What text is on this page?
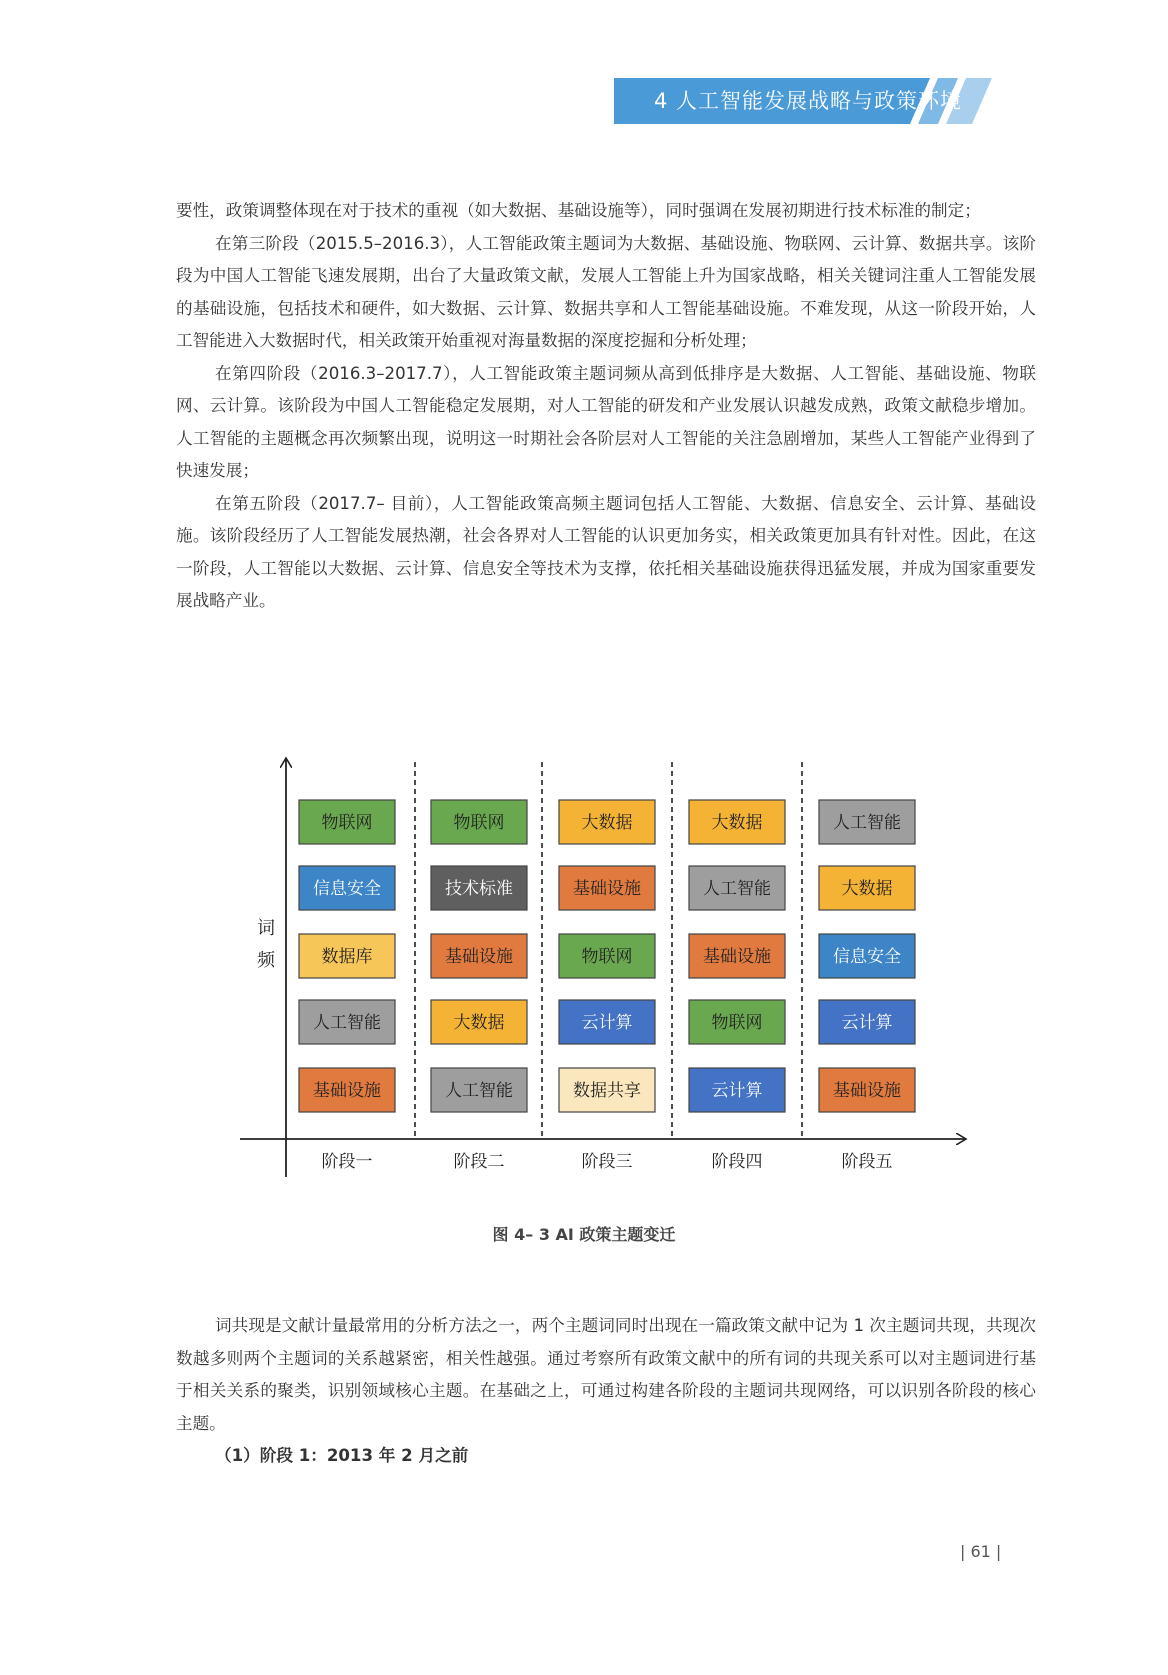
4 人工智能发展战略与政策环境

要性，政策调整体现在对于技术的重视（如大数据、基础设施等），同时强调在发展初期进行技术标准的制定；

在第三阶段（2015.5–2016.3），人工智能政策主题词为大数据、基础设施、物联网、云计算、数据共享。该阶段为中国人工智能飞速发展期，出台了大量政策文献，发展人工智能上升为国家战略，相关关键词注重人工智能发展的基础设施，包括技术和硬件，如大数据、云计算、数据共享和人工智能基础设施。不难发现，从这一阶段开始，人工智能进入大数据时代，相关政策开始重视对海量数据的深度挖掘和分析处理；

在第四阶段（2016.3–2017.7），人工智能政策主题词频从高到低排序是大数据、人工智能、基础设施、物联网、云计算。该阶段为中国人工智能稳定发展期，对人工智能的研发和产业发展认识越发成熟，政策文献稳步增加。人工智能的主题概念再次频繁出现，说明这一时期社会各阶层对人工智能的关注急剧增加，某些人工智能产业得到了快速发展；

在第五阶段（2017.7– 目前），人工智能政策高频主题词包括人工智能、大数据、信息安全、云计算、基础设施。该阶段经历了人工智能发展热潮，社会各界对人工智能的认识更加务实，相关政策更加具有针对性。因此，在这一阶段，人工智能以大数据、云计算、信息安全等技术为支撑，依托相关基础设施获得迅猛发展，并成为国家重要发展战略产业。

词
频
物联网
信息安全
数据库
人工智能
基础设施
物联网
技术标准
基础设施
大数据
人工智能
大数据
基础设施
物联网
云计算
数据共享
大数据
人工智能
基础设施
物联网
云计算
人工智能
大数据
信息安全
云计算
基础设施
阶段一	阶段二	阶段三	阶段四	阶段五
图 4– 3 AI 政策主题变迁

词共现是文献计量最常用的分析方法之一，两个主题词同时出现在一篇政策文献中记为 1 次主题词共现，共现次数越多则两个主题词的关系越紧密，相关性越强。通过考察所有政策文献中的所有词的共现关系可以对主题词进行基于相关关系的聚类，识别领域核心主题。在基础之上，可通过构建各阶段的主题词共现网络，可以识别各阶段的核心主题。

（1）阶段 1：2013 年 2 月之前

| 61 |
